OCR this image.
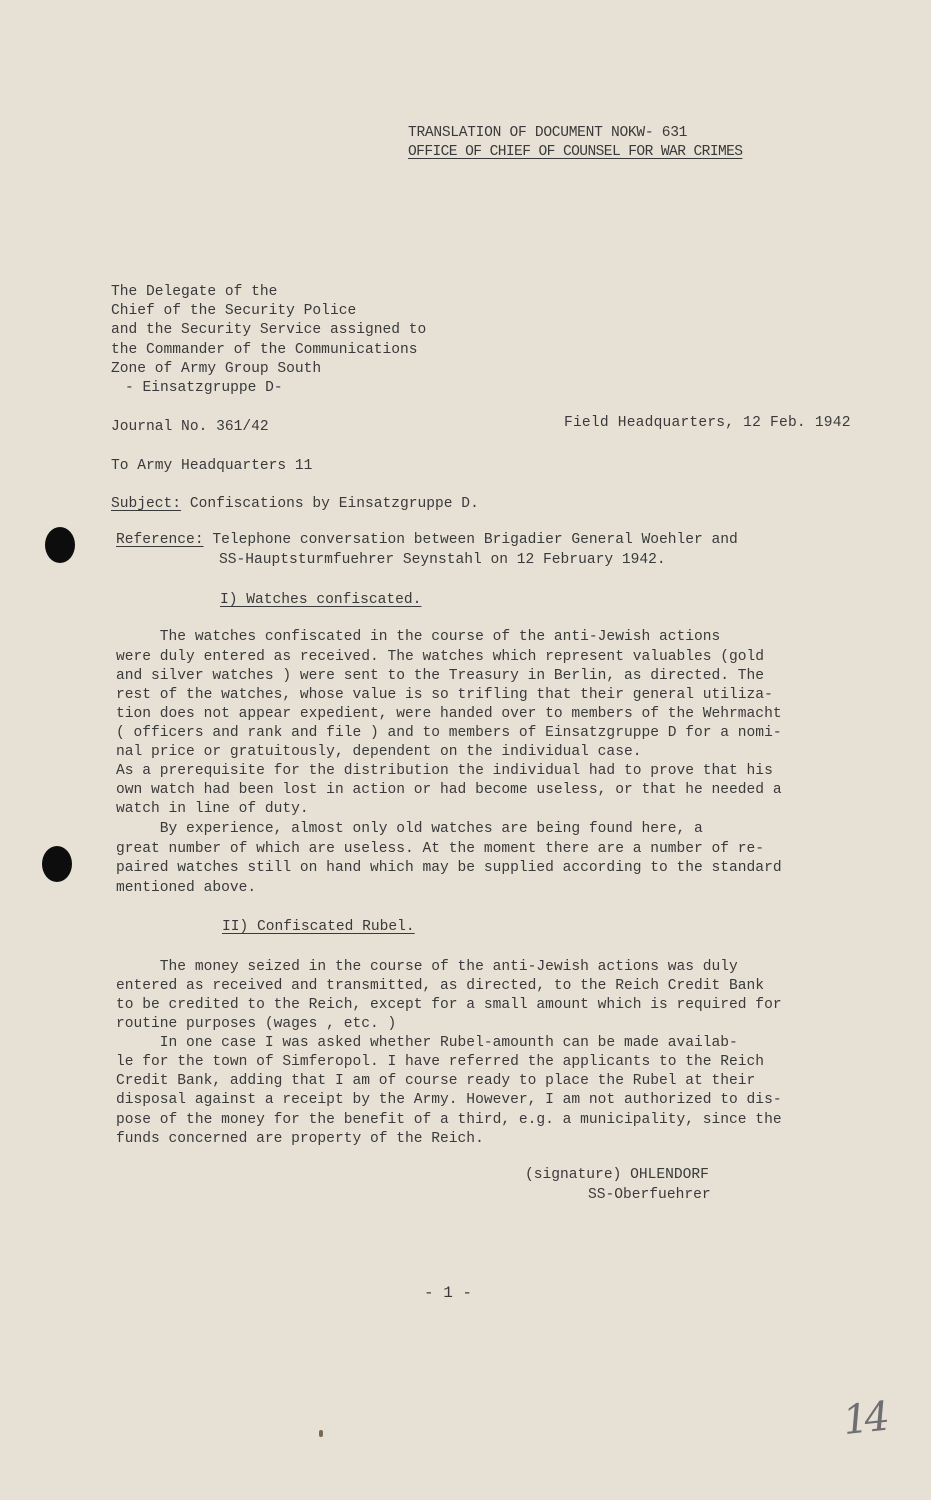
TRANSLATION OF DOCUMENT NOKW- 631
OFFICE OF CHIEF OF COUNSEL FOR WAR CRIMES
The Delegate of the
Chief of the Security Police
and the Security Service assigned to
the Commander of the Communications
Zone of Army Group South
- Einsatzgruppe D-
Journal No. 361/42	Field Headquarters, 12 Feb. 1942
To Army Headquarters 11
Subject: Confiscations by Einsatzgruppe D.
Reference: Telephone conversation between Brigadier General Woehler and
SS-Hauptsturmfuehrer Seynstahl on 12 February 1942.
I) Watches confiscated.
The watches confiscated in the course of the anti-Jewish actions
were duly entered as received. The watches which represent valuables (gold
and silver watches ) were sent to the Treasury in Berlin, as directed. The
rest of the watches, whose value is so trifling that their general utiliza-
tion does not appear expedient, were handed over to members of the Wehrmacht
( officers and rank and file ) and to members of Einsatzgruppe D for a nomi-
nal price or gratuitously, dependent on the individual case.
As a prerequisite for the distribution the individual had to prove that his
own watch had been lost in action or had become useless, or that he needed a
watch in line of duty.
By experience, almost only old watches are being found here, a
great number of which are useless. At the moment there are a number of re-
paired watches still on hand which may be supplied according to the standard
mentioned above.
II) Confiscated Rubel.
The money seized in the course of the anti-Jewish actions was duly
entered as received and transmitted, as directed, to the Reich Credit Bank
to be credited to the Reich, except for a small amount which is required for
routine purposes (wages , etc. )
In one case I was asked whether Rubel-amounth can be made availab-
le for the town of Simferopol. I have referred the applicants to the Reich
Credit Bank, adding that I am of course ready to place the Rubel at their
disposal against a receipt by the Army. However, I am not authorized to dis-
pose of the money for the benefit of a third, e.g. a municipality, since the
funds concerned are property of the Reich.
(signature) OHLENDORF
SS-Oberfuehrer
- 1 -
14
